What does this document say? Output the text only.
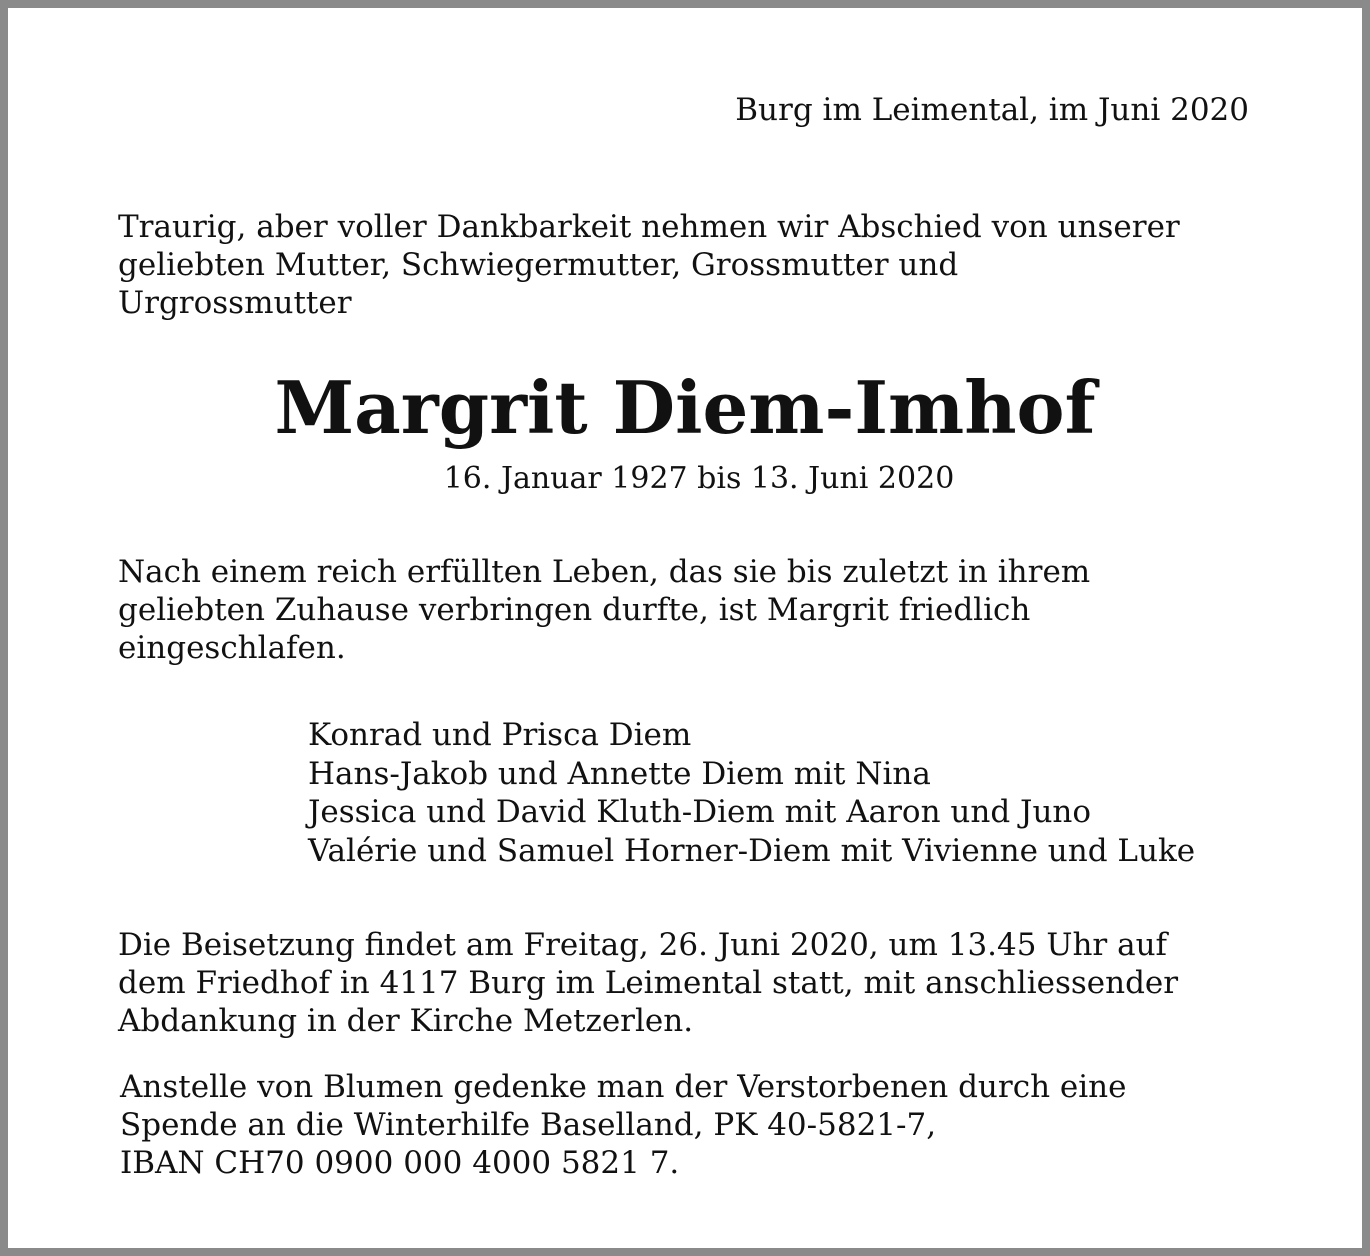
Burg im Leimental, im Juni 2020
Traurig, aber voller Dankbarkeit nehmen wir Abschied von unserer
geliebten Mutter, Schwiegermutter, Grossmutter und
Urgrossmutter
Margrit Diem-Imhof
16. Januar 1927 bis 13. Juni 2020
Nach einem reich erfüllten Leben, das sie bis zuletzt in ihrem
geliebten Zuhause verbringen durfte, ist Margrit friedlich
eingeschlafen.
Konrad und Prisca Diem
Hans-Jakob und Annette Diem mit Nina
Jessica und David Kluth-Diem mit Aaron und Juno
Valérie und Samuel Horner-Diem mit Vivienne und Luke
Die Beisetzung findet am Freitag, 26. Juni 2020, um 13.45 Uhr auf
dem Friedhof in 4117 Burg im Leimental statt, mit anschliessender
Abdankung in der Kirche Metzerlen.
Anstelle von Blumen gedenke man der Verstorbenen durch eine
Spende an die Winterhilfe Baselland, PK 40-5821-7,
IBAN CH70 0900 000 4000 5821 7.
